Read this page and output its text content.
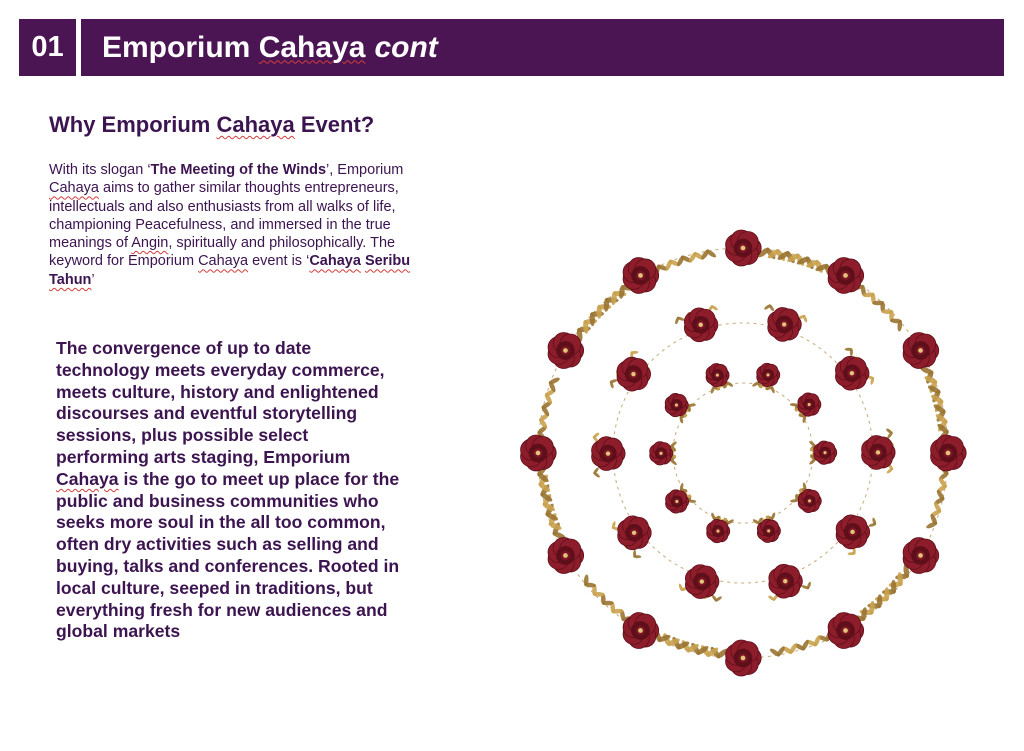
01 Emporium
Cahaya cont
Why Emporium Cahaya Event?

With its slogan ‘The Meeting of the Winds’, Emporium Cahaya aims to gather similar thoughts entrepreneurs, intellectuals and also enthusiasts from all walks of life, championing Peacefulness, and immersed in the true meanings of Angin, spiritually and philosophically. The keyword for Emporium Cahaya event is ‘Cahaya Seribu Tahun’

The convergence of up to date technology meets everyday commerce, meets culture, history and enlightened discourses and eventful storytelling sessions, plus possible select performing arts staging, Emporium Cahaya is the go to meet up place for the public and business communities who seeks more soul in the all too common, often dry activities such as selling and buying, talks and conferences. Rooted in local culture, seeped in traditions, but everything fresh for new audiences and global markets
